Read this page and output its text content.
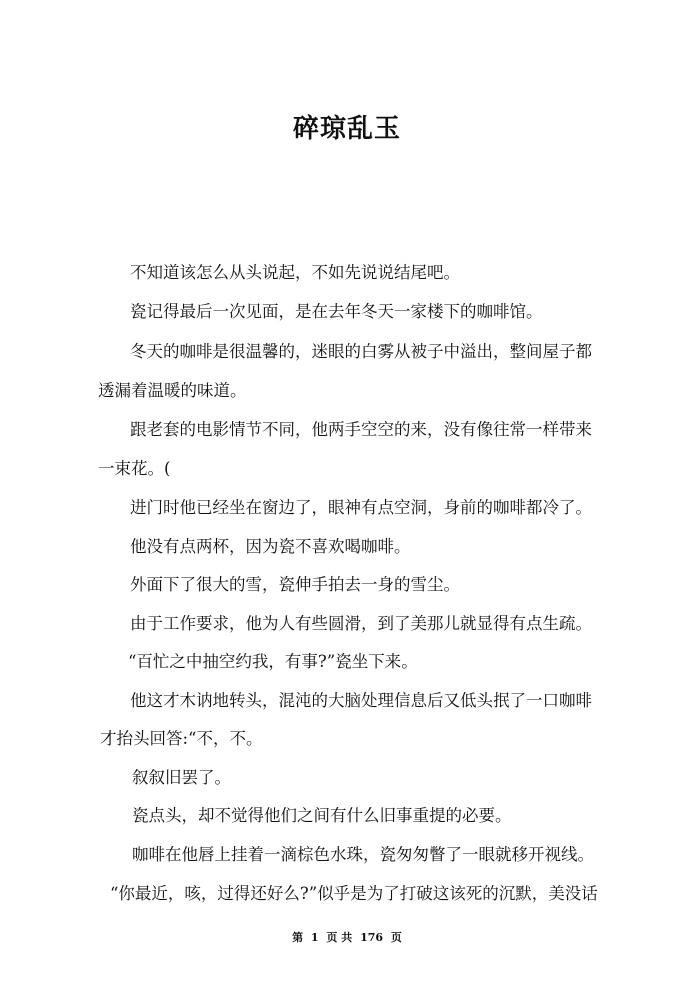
碎琼乱玉

不知道该怎么从头说起，不如先说说结尾吧。

瓷记得最后一次见面，是在去年冬天一家楼下的咖啡馆。

冬天的咖啡是很温馨的，迷眼的白雾从被子中溢出，整间屋子都

透漏着温暖的味道。

跟老套的电影情节不同，他两手空空的来，没有像往常一样带来

一束花。(

进门时他已经坐在窗边了，眼神有点空洞，身前的咖啡都冷了。

他没有点两杯，因为瓷不喜欢喝咖啡。

外面下了很大的雪，瓷伸手拍去一身的雪尘。

由于工作要求，他为人有些圆滑，到了美那儿就显得有点生疏。

“百忙之中抽空约我，有事?”瓷坐下来。

他这才木讷地转头，混沌的大脑处理信息后又低头抿了一口咖啡

才抬头回答:“不，不。

叙叙旧罢了。

瓷点头，却不觉得他们之间有什么旧事重提的必要。

咖啡在他唇上挂着一滴棕色水珠，瓷匆匆瞥了一眼就移开视线。

“你最近，咳，过得还好么?”似乎是为了打破这该死的沉默，美没话

第 1 页 共 176 页
